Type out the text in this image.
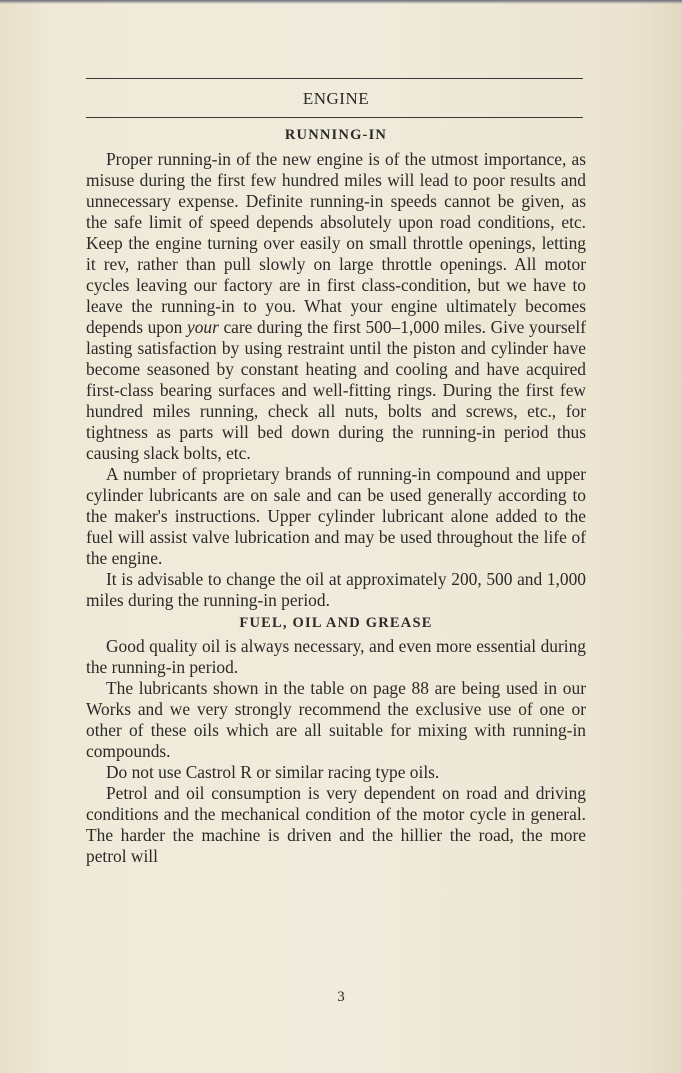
ENGINE
RUNNING-IN

Proper running-in of the new engine is of the utmost importance, as misuse during the first few hundred miles will lead to poor results and unnecessary expense. Definite running-in speeds cannot be given, as the safe limit of speed depends absolutely upon road conditions, etc. Keep the engine turning over easily on small throttle openings, letting it rev, rather than pull slowly on large throttle openings. All motor cycles leaving our factory are in first class-condition, but we have to leave the running-in to you. What your engine ultimately becomes depends upon your care during the first 500–1,000 miles. Give yourself lasting satisfaction by using restraint until the piston and cylinder have become seasoned by constant heating and cooling and have acquired first-class bearing surfaces and well-fitting rings. During the first few hundred miles running, check all nuts, bolts and screws, etc., for tightness as parts will bed down during the running-in period thus causing slack bolts, etc.

A number of proprietary brands of running-in compound and upper cylinder lubricants are on sale and can be used generally according to the maker's instructions. Upper cylinder lubricant alone added to the fuel will assist valve lubrication and may be used throughout the life of the engine.

It is advisable to change the oil at approximately 200, 500 and 1,000 miles during the running-in period.

FUEL, OIL AND GREASE

Good quality oil is always necessary, and even more essential during the running-in period.

The lubricants shown in the table on page 88 are being used in our Works and we very strongly recommend the exclusive use of one or other of these oils which are all suitable for mixing with running-in compounds.

Do not use Castrol R or similar racing type oils.

Petrol and oil consumption is very dependent on road and driving conditions and the mechanical condition of the motor cycle in general. The harder the machine is driven and the hillier the road, the more petrol will

3
